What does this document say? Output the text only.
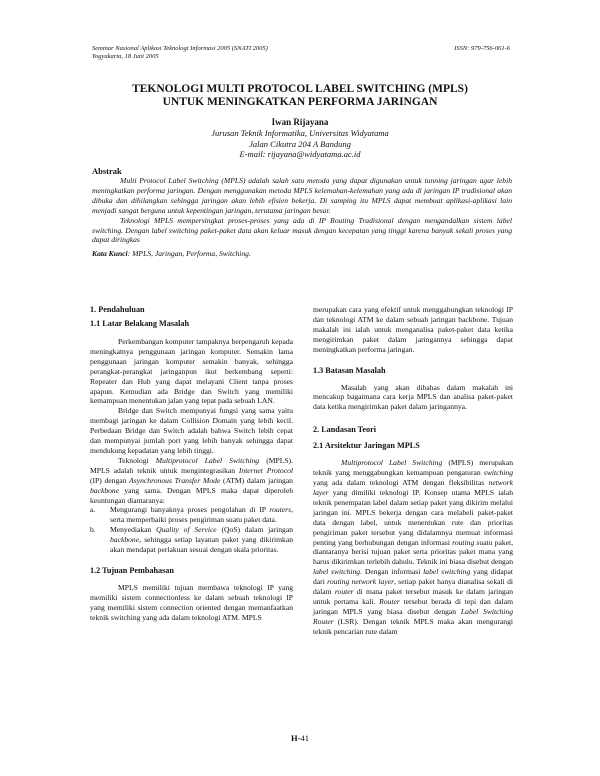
Seminar Nasional Aplikasi Teknologi Informasi 2005 (SNATI 2005)
Yogyakarta, 18 Juni 2005
ISSN: 979-756-061-6
TEKNOLOGI MULTI PROTOCOL LABEL SWITCHING (MPLS)
UNTUK MENINGKATKAN PERFORMA JARINGAN
Iwan Rijayana
Jurusan Teknik Informatika, Universitas Widyatama
Jalan Cikutra 204 A Bandung
E-mail: rijayana@widyatama.ac.id
Abstrak

Multi Protocol Label Switching (MPLS) adalah salah satu metoda yang dapat digunakan untuk tunning jaringan agar lebih meningkatkan performa jaringan. Dengan menggunakan metoda MPLS kelemahan-kelemahan yang ada di jaringan IP tradisional akan dibuka dan dihilangkan sehingga jaringan akan lebih efisien bekerja. Di samping itu MPLS dapat membuat aplikasi-aplikasi lain menjadi sangat berguna untuk kepentingan jaringan, terutama jaringan besar.

Teknologi MPLS mempersingkat proses-proses yang ada di IP Routing Tradisional dengan mengandalkan sistem label switching. Dengan label switching paket-paket data akan keluar masuk dengan kecepatan yang tinggi karena banyak sekali proses yang dapat diringkas

Kata Kunci: MPLS, Jaringan, Performa, Switching.
1. Pendahuluan
1.1 Latar Belakang Masalah

Perkembangan komputer tampaknya berpengaruh kepada meningkatnya penggunaan jaringan komputer. Semakin lama penggunaan jaringan komputer semakin banyak, sehingga perangkat-perangkat jaringanpun ikut berkembang seperti: Repeater dan Hub yang dapat melayani Client tanpa proses apapun. Kemudian ada Bridge dan Switch yang memiliki kemampuan menentukan jalan yang tepat pada sebuah LAN.

Bridge dan Switch mempunyai fungsi yang sama yaitu membagi jaringan ke dalam Collision Domain yang lebih kecil. Perbedaan Bridge dan Switch adalah bahwa Switch lebih cepat dan mempunyai jumlah port yang lebih banyak sehingga dapat mendukung kepadatan yang lebih tinggi.

Teknologi Multiprotocol Label Switching (MPLS). MPLS adalah teknik untuk mengintegrasikan Internet Protocol (IP) dengan Asynchronous Transfer Mode (ATM) dalam jaringan backbone yang sama. Dengan MPLS maka dapat diperoleh keuntungan diantaranya:

a.	Mengurangi banyaknya proses pengolahan di IP routers, serta memperbaiki proses pengiriman suatu paket data.
b.	Menyediakan Quality of Service (QoS) dalam jaringan backbone, sehingga setiap layanan paket yang dikirimkan akan mendapat perlakuan sesuai dengan skala prioritas.
1.2 Tujuan Pembahasan

MPLS memiliki tujuan membawa teknologi IP yang memiliki sistem connectionless ke dalam sebuah teknologi IP yang memiliki sistem connection oriented dengan memanfaatkan teknik switching yang ada dalam teknologi ATM. MPLS

merupakan cara yang efektif untuk menggabungkan teknologi IP dan teknologi ATM ke dalam sebuah jaringan backbone. Tujuan makalah ini ialah untuk menganalisa paket-paket data ketika mengirimkan paket dalam jaringannya sehingga dapat meningkatkan performa jaringan.

1.3 Batasan Masalah

Masalah yang akan dibahas dalam makalah ini mencakup bagaimana cara kerja MPLS dan analisa paket-paket data ketika mengirimkan paket dalam jaringannya.

2. Landasan Teori
2.1 Arsitektur Jaringan MPLS

Multiprotocol Label Switching (MPLS) merupakan teknik yang menggabungkan kemampuan pengaturan switching yang ada dalam teknologi ATM dengan fleksibilitas network layer yang dimiliki teknologi IP. Konsep utama MPLS ialah teknik penempatan label dalam setiap paket yang dikirim melalui jaringan ini. MPLS bekerja dengan cara melabeli paket-paket data dengan label, untuk menentukan rute dan prioritas pengiriman paket tersebut yang didalamnya memuat informasi penting yang berhubungan dengan informasi routing suatu paket, diantaranya berisi tujuan paket serta prioritas paket mana yang harus dikirimkan terlebih dahulu. Teknik ini biasa disebut dengan label switching. Dengan informasi label switching yang didapat dari routing network layer, setiap paket hanya dianalisa sekali di dalam router di mana paket tersebut masuk ke dalam jaringan untuk pertama kali. Router tersebut berada di tepi dan dalam jaringan MPLS yang biasa disebut dengan Label Switching Router (LSR). Dengan teknik MPLS maka akan mengurangi teknik pencarian rute dalam

H-41
